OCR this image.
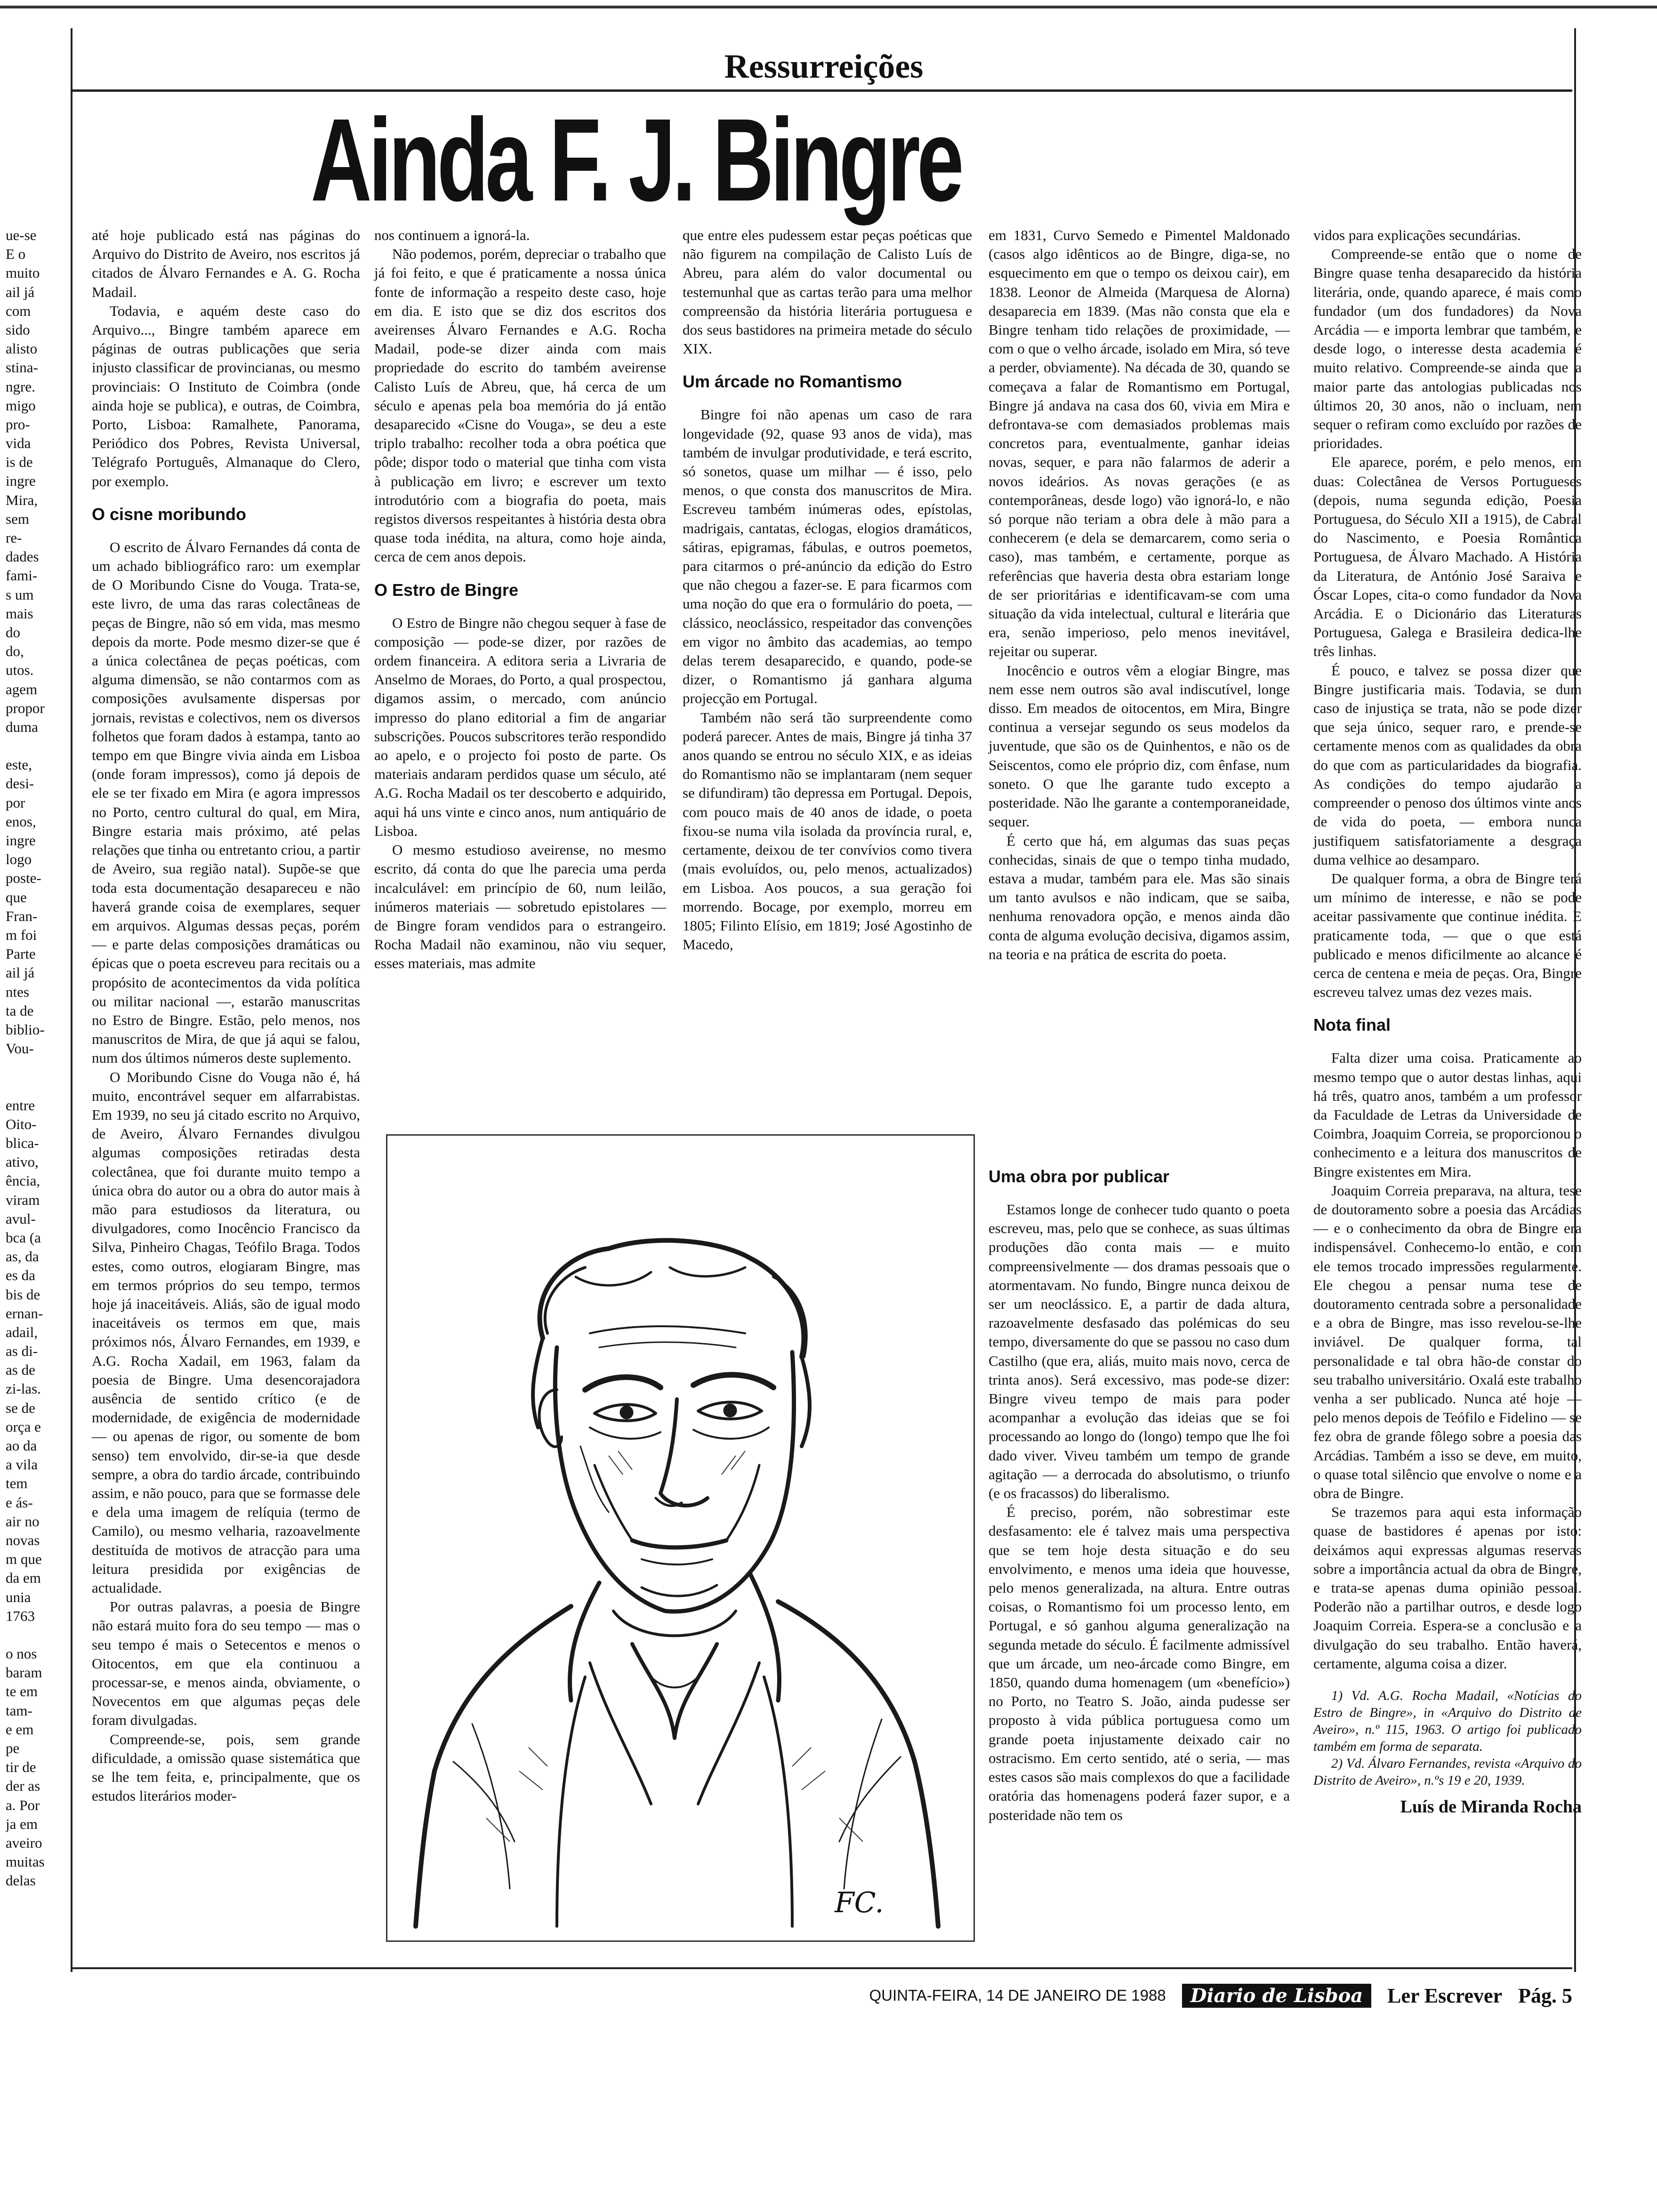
Ressurreições
Ainda F. J. Bingre
ue-se
E o
muito
ail já
com
sido
alisto
stina-
ngre.
migo
pro-
vida
is de
ingre
Mira,
sem
re-
dades
fami-
s um
mais
do
do,
utos.
agem
propor
duma
este,
desi-
por
enos,
ingre
logo
poste-
que
Fran-
m foi
Parte
ail já
ntes
ta de
biblio-
Vou-
entre
Oito-
blica-
ativo,
ência,
viram
avul-
bca (a
as, da
es da
bis de
ernan-
adail,
as di-
as de
zi-las.
se de
orça e
ao da
a vila
tem
e ás-
air no
novas
m que
da em
unia
1763
o nos
baram
te em
tam-
e em
pe
tir de
der as
a. Por
ja em
aveiro
muitas
delas

até hoje publicado está nas páginas do Arquivo do Distrito de Aveiro, nos escritos já citados de Álvaro Fernandes e A. G. Rocha Madail.

Todavia, e aquém deste caso do Arquivo..., Bingre também aparece em páginas de outras publicações que seria injusto classificar de provincianas, ou mesmo provinciais: O Instituto de Coimbra (onde ainda hoje se publica), e outras, de Coimbra, Porto, Lisboa: Ramalhete, Panorama, Periódico dos Pobres, Revista Universal, Telégrafo Português, Almanaque do Clero, por exemplo.

O cisne moribundo

O escrito de Álvaro Fernandes dá conta de um achado bibliográfico raro: um exemplar de O Moribundo Cisne do Vouga. Trata-se, este livro, de uma das raras colectâneas de peças de Bingre, não só em vida, mas mesmo depois da morte. Pode mesmo dizer-se que é a única colectânea de peças poéticas, com alguma dimensão, se não contarmos com as composições avulsamente dispersas por jornais, revistas e colectivos, nem os diversos folhetos que foram dados à estampa, tanto ao tempo em que Bingre vivia ainda em Lisboa (onde foram impressos), como já depois de ele se ter fixado em Mira (e agora impressos no Porto, centro cultural do qual, em Mira, Bingre estaria mais próximo, até pelas relações que tinha ou entretanto criou, a partir de Aveiro, sua região natal). Supõe-se que toda esta documentação desapareceu e não haverá grande coisa de exemplares, sequer em arquivos. Algumas dessas peças, porém — e parte delas composições dramáticas ou épicas que o poeta escreveu para recitais ou a propósito de acontecimentos da vida política ou militar nacional —, estarão manuscritas no Estro de Bingre. Estão, pelo menos, nos manuscritos de Mira, de que já aqui se falou, num dos últimos números deste suplemento.

O Moribundo Cisne do Vouga não é, há muito, encontrável sequer em alfarrabistas. Em 1939, no seu já citado escrito no Arquivo, de Aveiro, Álvaro Fernandes divulgou algumas composições retiradas desta colectânea, que foi durante muito tempo a única obra do autor ou a obra do autor mais à mão para estudiosos da literatura, ou divulgadores, como Inocêncio Francisco da Silva, Pinheiro Chagas, Teófilo Braga. Todos estes, como outros, elogiaram Bingre, mas em termos próprios do seu tempo, termos hoje já inaceitáveis. Aliás, são de igual modo inaceitáveis os termos em que, mais próximos nós, Álvaro Fernandes, em 1939, e A.G. Rocha Xadail, em 1963, falam da poesia de Bingre. Uma desencorajadora ausência de sentido crítico (e de modernidade, de exigência de modernidade — ou apenas de rigor, ou somente de bom senso) tem envolvido, dir-se-ia que desde sempre, a obra do tardio árcade, contribuindo assim, e não pouco, para que se formasse dele e dela uma imagem de relíquia (termo de Camilo), ou mesmo velharia, razoavelmente destituída de motivos de atracção para uma leitura presidida por exigências de actualidade.

Por outras palavras, a poesia de Bingre não estará muito fora do seu tempo — mas o seu tempo é mais o Setecentos e menos o Oitocentos, em que ela continuou a processar-se, e menos ainda, obviamente, o Novecentos em que algumas peças dele foram divulgadas.

Compreende-se, pois, sem grande dificuldade, a omissão quase sistemática que se lhe tem feita, e, principalmente, que os estudos literários moder-

nos continuem a ignorá-la.

Não podemos, porém, depreciar o trabalho que já foi feito, e que é praticamente a nossa única fonte de informação a respeito deste caso, hoje em dia. E isto que se diz dos escritos dos aveirenses Álvaro Fernandes e A.G. Rocha Madail, pode-se dizer ainda com mais propriedade do escrito do também aveirense Calisto Luís de Abreu, que, há cerca de um século e apenas pela boa memória do já então desaparecido «Cisne do Vouga», se deu a este triplo trabalho: recolher toda a obra poética que pôde; dispor todo o material que tinha com vista à publicação em livro; e escrever um texto introdutório com a biografia do poeta, mais registos diversos respeitantes à história desta obra quase toda inédita, na altura, como hoje ainda, cerca de cem anos depois.

O Estro de Bingre

O Estro de Bingre não chegou sequer à fase de composição — pode-se dizer, por razões de ordem financeira. A editora seria a Livraria de Anselmo de Moraes, do Porto, a qual prospectou, digamos assim, o mercado, com anúncio impresso do plano editorial a fim de angariar subscrições. Poucos subscritores terão respondido ao apelo, e o projecto foi posto de parte. Os materiais andaram perdidos quase um século, até A.G. Rocha Madail os ter descoberto e adquirido, aqui há uns vinte e cinco anos, num antiquário de Lisboa.

O mesmo estudioso aveirense, no mesmo escrito, dá conta do que lhe parecia uma perda incalculável: em princípio de 60, num leilão, inúmeros materiais — sobretudo epistolares — de Bingre foram vendidos para o estrangeiro. Rocha Madail não examinou, não viu sequer, esses materiais, mas admite

que entre eles pudessem estar peças poéticas que não figurem na compilação de Calisto Luís de Abreu, para além do valor documental ou testemunhal que as cartas terão para uma melhor compreensão da história literária portuguesa e dos seus bastidores na primeira metade do século XIX.

Um árcade no Romantismo

Bingre foi não apenas um caso de rara longevidade (92, quase 93 anos de vida), mas também de invulgar produtividade, e terá escrito, só sonetos, quase um milhar — é isso, pelo menos, o que consta dos manuscritos de Mira. Escreveu também inúmeras odes, epístolas, madrigais, cantatas, éclogas, elogios dramáticos, sátiras, epigramas, fábulas, e outros poemetos, para citarmos o pré-anúncio da edição do Estro que não chegou a fazer-se. E para ficarmos com uma noção do que era o formulário do poeta, — clássico, neoclássico, respeitador das convenções em vigor no âmbito das academias, ao tempo delas terem desaparecido, e quando, pode-se dizer, o Romantismo já ganhara alguma projecção em Portugal.

Também não será tão surpreendente como poderá parecer. Antes de mais, Bingre já tinha 37 anos quando se entrou no século XIX, e as ideias do Romantismo não se implantaram (nem sequer se difundiram) tão depressa em Portugal. Depois, com pouco mais de 40 anos de idade, o poeta fixou-se numa vila isolada da província rural, e, certamente, deixou de ter convívios como tivera (mais evoluídos, ou, pelo menos, actualizados) em Lisboa. Aos poucos, a sua geração foi morrendo. Bocage, por exemplo, morreu em 1805; Filinto Elísio, em 1819; José Agostinho de Macedo,

em 1831, Curvo Semedo e Pimentel Maldonado (casos algo idênticos ao de Bingre, diga-se, no esquecimento em que o tempo os deixou cair), em 1838. Leonor de Almeida (Marquesa de Alorna) desaparecia em 1839. (Mas não consta que ela e Bingre tenham tido relações de proximidade, — com o que o velho árcade, isolado em Mira, só teve a perder, obviamente). Na década de 30, quando se começava a falar de Romantismo em Portugal, Bingre já andava na casa dos 60, vivia em Mira e defrontava-se com demasiados problemas mais concretos para, eventualmente, ganhar ideias novas, sequer, e para não falarmos de aderir a novos ideários. As novas gerações (e as contemporâneas, desde logo) vão ignorá-lo, e não só porque não teriam a obra dele à mão para a conhecerem (e dela se demarcarem, como seria o caso), mas também, e certamente, porque as referências que haveria desta obra estariam longe de ser prioritárias e identificavam-se com uma situação da vida intelectual, cultural e literária que era, senão imperioso, pelo menos inevitável, rejeitar ou superar.

Inocêncio e outros vêm a elogiar Bingre, mas nem esse nem outros são aval indiscutível, longe disso. Em meados de oitocentos, em Mira, Bingre continua a versejar segundo os seus modelos da juventude, que são os de Quinhentos, e não os de Seiscentos, como ele próprio diz, com ênfase, num soneto. O que lhe garante tudo excepto a posteridade. Não lhe garante a contemporaneidade, sequer.

É certo que há, em algumas das suas peças conhecidas, sinais de que o tempo tinha mudado, estava a mudar, também para ele. Mas são sinais um tanto avulsos e não indicam, que se saiba, nenhuma renovadora opção, e menos ainda dão conta de alguma evolução decisiva, digamos assim, na teoria e na prática de escrita do poeta.

Uma obra por publicar

Estamos longe de conhecer tudo quanto o poeta escreveu, mas, pelo que se conhece, as suas últimas produções dão conta mais — e muito compreensivelmente — dos dramas pessoais que o atormentavam. No fundo, Bingre nunca deixou de ser um neoclássico. E, a partir de dada altura, razoavelmente desfasado das polémicas do seu tempo, diversamente do que se passou no caso dum Castilho (que era, aliás, muito mais novo, cerca de trinta anos). Será excessivo, mas pode-se dizer: Bingre viveu tempo de mais para poder acompanhar a evolução das ideias que se foi processando ao longo do (longo) tempo que lhe foi dado viver. Viveu também um tempo de grande agitação — a derrocada do absolutismo, o triunfo (e os fracassos) do liberalismo.

É preciso, porém, não sobrestimar este desfasamento: ele é talvez mais uma perspectiva que se tem hoje desta situação e do seu envolvimento, e menos uma ideia que houvesse, pelo menos generalizada, na altura. Entre outras coisas, o Romantismo foi um processo lento, em Portugal, e só ganhou alguma generalização na segunda metade do século. É facilmente admissível que um árcade, um neo-árcade como Bingre, em 1850, quando duma homenagem (um «benefício») no Porto, no Teatro S. João, ainda pudesse ser proposto à vida pública portuguesa como um grande poeta injustamente deixado cair no ostracismo. Em certo sentido, até o seria, — mas estes casos são mais complexos do que a facilidade oratória das homenagens poderá fazer supor, e a posteridade não tem os

vidos para explicações secundárias.

Compreende-se então que o nome de Bingre quase tenha desaparecido da história literária, onde, quando aparece, é mais como fundador (um dos fundadores) da Nova Arcádia — e importa lembrar que também, e desde logo, o interesse desta academia é muito relativo. Compreende-se ainda que a maior parte das antologias publicadas nos últimos 20, 30 anos, não o incluam, nem sequer o refiram como excluído por razões de prioridades.

Ele aparece, porém, e pelo menos, em duas: Colectânea de Versos Portugueses (depois, numa segunda edição, Poesia Portuguesa, do Século XII a 1915), de Cabral do Nascimento, e Poesia Romântica Portuguesa, de Álvaro Machado. A História da Literatura, de António José Saraiva e Óscar Lopes, cita-o como fundador da Nova Arcádia. E o Dicionário das Literaturas Portuguesa, Galega e Brasileira dedica-lhe três linhas.

É pouco, e talvez se possa dizer que Bingre justificaria mais. Todavia, se dum caso de injustiça se trata, não se pode dizer que seja único, sequer raro, e prende-se certamente menos com as qualidades da obra do que com as particularidades da biografia. As condições do tempo ajudarão a compreender o penoso dos últimos vinte anos de vida do poeta, — embora nunca justifiquem satisfatoriamente a desgraça duma velhice ao desamparo.

De qualquer forma, a obra de Bingre terá um mínimo de interesse, e não se pode aceitar passivamente que continue inédita. E praticamente toda, — que o que está publicado e menos dificilmente ao alcance é cerca de centena e meia de peças. Ora, Bingre escreveu talvez umas dez vezes mais.

Nota final

Falta dizer uma coisa. Praticamente ao mesmo tempo que o autor destas linhas, aqui há três, quatro anos, também a um professor da Faculdade de Letras da Universidade de Coimbra, Joaquim Correia, se proporcionou o conhecimento e a leitura dos manuscritos de Bingre existentes em Mira.

Joaquim Correia preparava, na altura, tese de doutoramento sobre a poesia das Arcádias — e o conhecimento da obra de Bingre era indispensável. Conhecemo-lo então, e com ele temos trocado impressões regularmente. Ele chegou a pensar numa tese de doutoramento centrada sobre a personalidade e a obra de Bingre, mas isso revelou-se-lhe inviável. De qualquer forma, tal personalidade e tal obra hão-de constar do seu trabalho universitário. Oxalá este trabalho venha a ser publicado. Nunca até hoje — pelo menos depois de Teófilo e Fidelino — se fez obra de grande fôlego sobre a poesia das Arcádias. Também a isso se deve, em muito, o quase total silêncio que envolve o nome e a obra de Bingre.

Se trazemos para aqui esta informação quase de bastidores é apenas por isto: deixámos aqui expressas algumas reservas sobre a importância actual da obra de Bingre, e trata-se apenas duma opinião pessoal. Poderão não a partilhar outros, e desde logo Joaquim Correia. Espera-se a conclusão e a divulgação do seu trabalho. Então haverá, certamente, alguma coisa a dizer.

1) Vd. A.G. Rocha Madail, «Notícias do Estro de Bingre», in «Arquivo do Distrito de Aveiro», n.º 115, 1963. O artigo foi publicado também em forma de separata.

2) Vd. Álvaro Fernandes, revista «Arquivo do Distrito de Aveiro», n.ºs 19 e 20, 1939.

Luís de Miranda Rocha
FC.
QUINTA-FEIRA, 14 DE JANEIRO DE 1988	Diario de Lisboa	Ler Escrever Pág. 5
